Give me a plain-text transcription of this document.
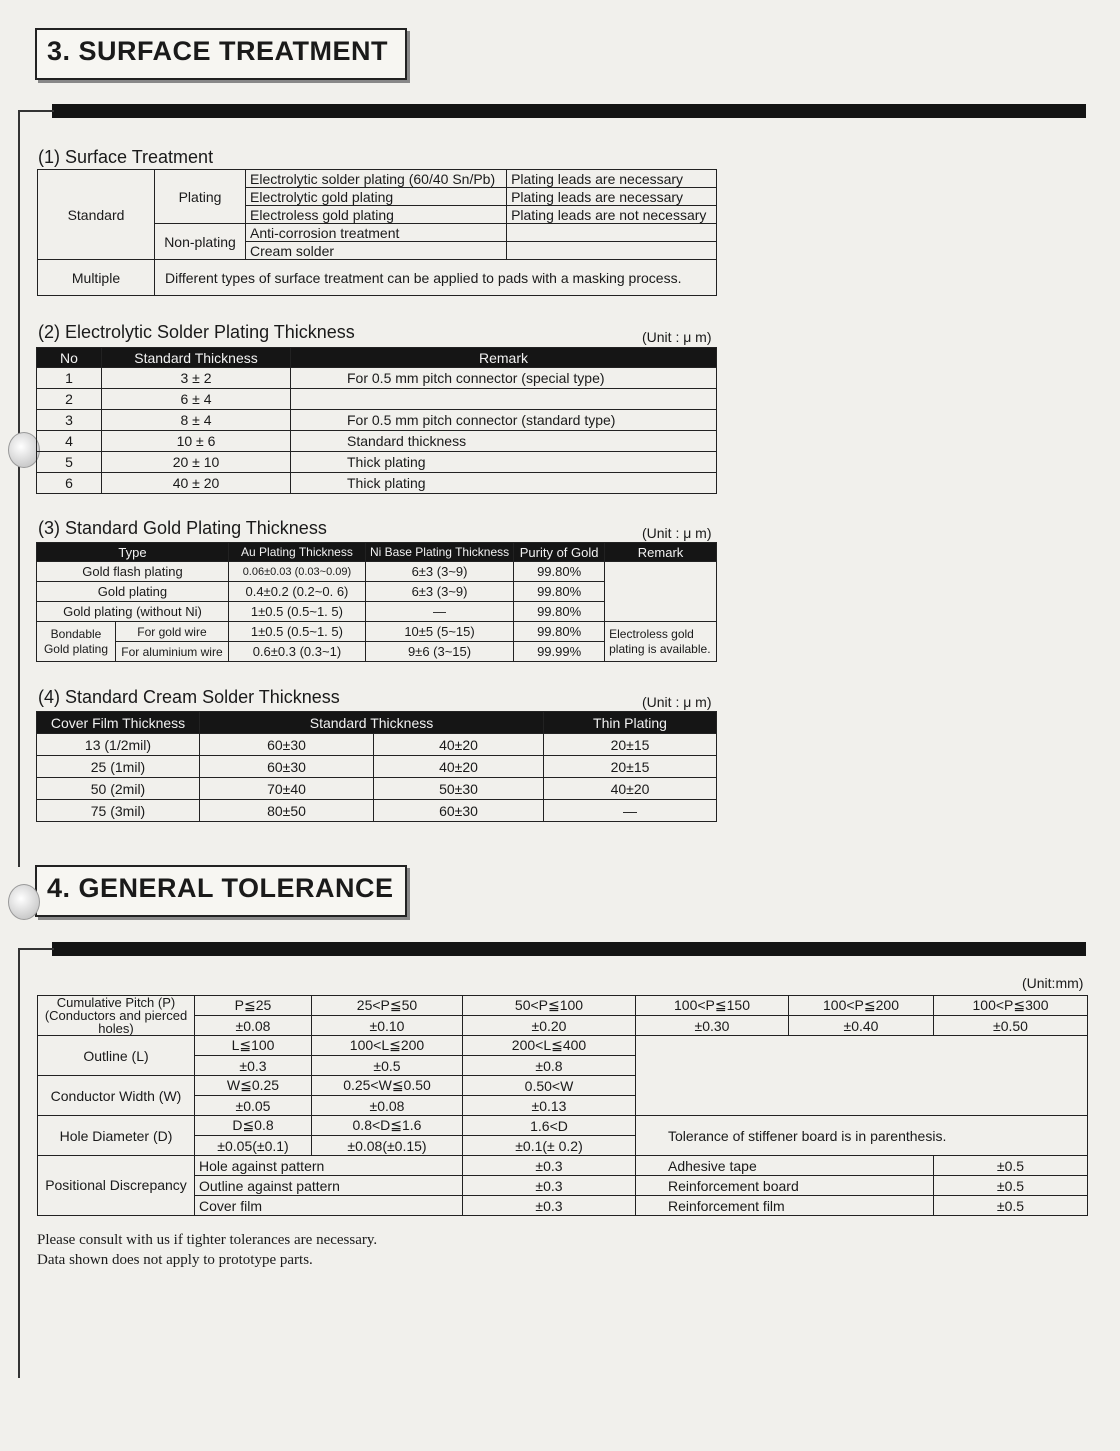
3. SURFACE TREATMENT
(1) Surface Treatment
Standard	Plating	Electrolytic solder plating (60/40 Sn/Pb)	Plating leads are necessary
		Electrolytic gold plating	Plating leads are necessary
		Electroless gold plating	Plating leads are not necessary
	Non-plating	Anti-corrosion treatment	
		Cream solder	
Multiple	Different types of surface treatment can be applied to pads with a masking process.		
(2) Electrolytic Solder Plating Thickness	(Unit : μ m)
No	Standard Thickness	Remark
1	3 ± 2	For 0.5 mm pitch connector (special type)
2	6 ± 4	
3	8 ± 4	For 0.5 mm pitch connector (standard type)
4	10 ± 6	Standard thickness
5	20 ± 10	Thick plating
6	40 ± 20	Thick plating
(3) Standard Gold Plating Thickness	(Unit : μ m)
Type		Au Plating Thickness	Ni Base Plating Thickness	Purity of Gold	Remark
Gold flash plating		0.06±0.03 (0.03~0.09)	6±3 (3~9)	99.80%	
Gold plating		0.4±0.2 (0.2~0. 6)	6±3 (3~9)	99.80%	
Gold plating (without Ni)		1±0.5 (0.5~1. 5)	—	99.80%	
Bondable Gold plating	For gold wire	1±0.5 (0.5~1. 5)	10±5 (5~15)	99.80%	Electroless gold plating is available.
	For aluminium wire	0.6±0.3 (0.3~1)	9±6 (3~15)	99.99%	
(4) Standard Cream Solder Thickness	(Unit : μ m)
Cover Film Thickness	Standard Thickness		Thin Plating
13 (1/2mil)	60±30	40±20	20±15
25 (1mil)	60±30	40±20	20±15
50 (2mil)	70±40	50±30	40±20
75 (3mil)	80±50	60±30	—
4. GENERAL TOLERANCE
(Unit:mm)
Cumulative Pitch (P) (Conductors and pierced holes)	P≦25	25<P≦50	50<P≦100	100<P≦150	100<P≦200	100<P≦300
	±0.08	±0.10	±0.20	±0.30	±0.40	±0.50
Outline (L)	L≦100	100<L≦200	200<L≦400			
	±0.3	±0.5	±0.8			
Conductor Width (W)	W≦0.25	0.25<W≦0.50	0.50<W			
	±0.05	±0.08	±0.13			
Hole Diameter (D)	D≦0.8	0.8<D≦1.6	1.6<D	Tolerance of stiffener board is in parenthesis.		
	±0.05(±0.1)	±0.08(±0.15)	±0.1(± 0.2)			
Positional Discrepancy	Hole against pattern		±0.3	Adhesive tape		±0.5
	Outline against pattern		±0.3	Reinforcement board		±0.5
	Cover film		±0.3	Reinforcement film		±0.5
Please consult with us if tighter tolerances are necessary.
Data shown does not apply to prototype parts.
